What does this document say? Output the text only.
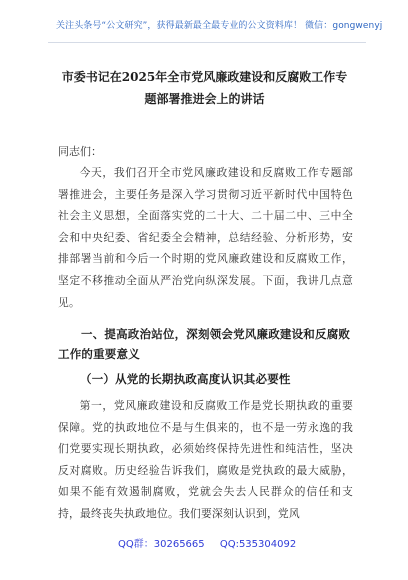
关注头条号“公文研究”，获得最新最全最专业的公文资料库！ 微信：gongwenyj
市委书记在2025年全市党风廉政建设和反腐败工作专题部署推进会上的讲话
同志们：
今天，我们召开全市党风廉政建设和反腐败工作专题部署推进会，主要任务是深入学习贯彻习近平新时代中国特色社会主义思想，全面落实党的二十大、二十届二中、三中全会和中央纪委、省纪委全会精神，总结经验、分析形势，安排部署当前和今后一个时期的党风廉政建设和反腐败工作，坚定不移推动全面从严治党向纵深发展。下面，我讲几点意见。
一、提高政治站位，深刻领会党风廉政建设和反腐败工作的重要意义
（一）从党的长期执政高度认识其必要性
第一，党风廉政建设和反腐败工作是党长期执政的重要保障。党的执政地位不是与生俱来的，也不是一劳永逸的我们党要实现长期执政，必须始终保持先进性和纯洁性，坚决反对腐败。历史经验告诉我们，腐败是党执政的最大威胁，如果不能有效遏制腐败，党就会失去人民群众的信任和支持，最终丧失执政地位。我们要深刻认识到，党风
QQ群：30265665 QQ:535304092
